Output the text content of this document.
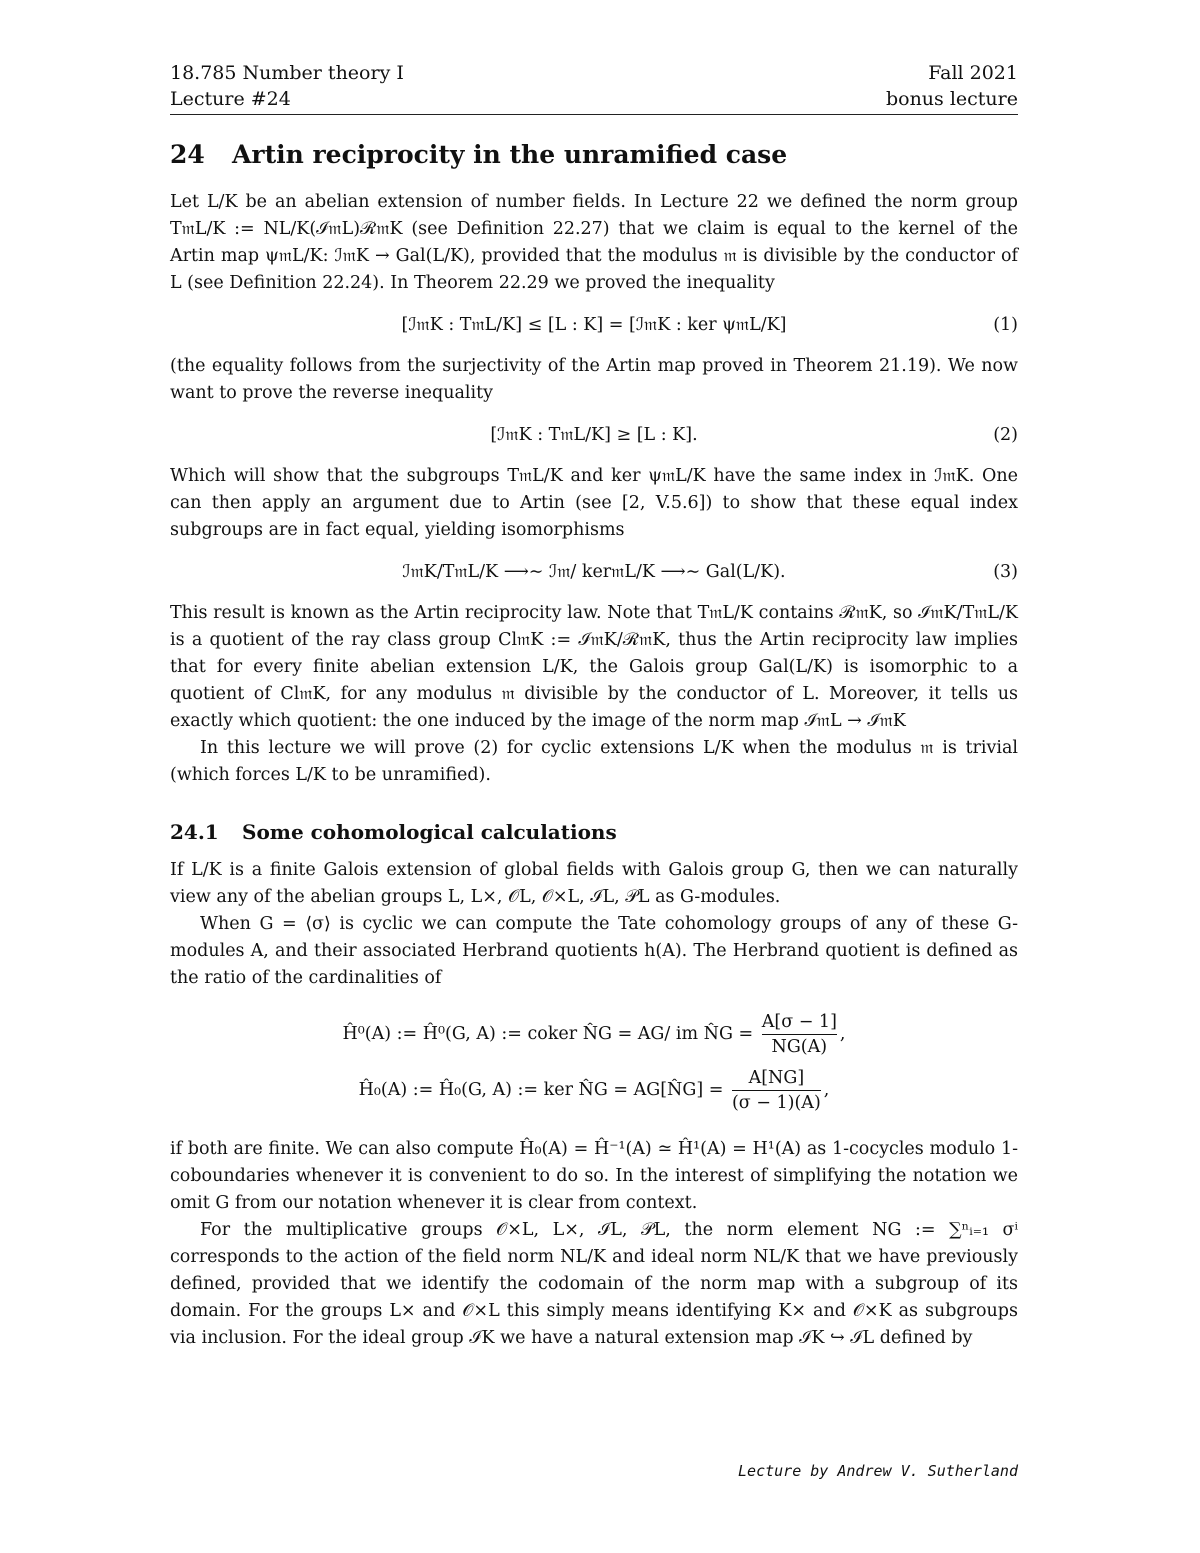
18.785 Number theory I	Fall 2021
Lecture #24	bonus lecture
24 Artin reciprocity in the unramified case

Let L/K be an abelian extension of number fields. In Lecture 22 we defined the norm group T𝔪L/K := NL/K(ℐ𝔪L)ℛ𝔪K (see Definition 22.27) that we claim is equal to the kernel of the Artin map ψ𝔪L/K: ℐ𝔪K → Gal(L/K), provided that the modulus 𝔪 is divisible by the conductor of L (see Definition 22.24). In Theorem 22.29 we proved the inequality

[ℐ𝔪K : T𝔪L/K] ≤ [L : K] = [ℐ𝔪K : ker ψ𝔪L/K]	(1)

(the equality follows from the surjectivity of the Artin map proved in Theorem 21.19). We now want to prove the reverse inequality

[ℐ𝔪K : T𝔪L/K] ≥ [L : K].	(2)

Which will show that the subgroups T𝔪L/K and ker ψ𝔪L/K have the same index in ℐ𝔪K. One can then apply an argument due to Artin (see [2, V.5.6]) to show that these equal index subgroups are in fact equal, yielding isomorphisms

ℐ𝔪K/T𝔪L/K ⟶∼ ℐ𝔪/ ker𝔪L/K ⟶∼ Gal(L/K).	(3)

This result is known as the Artin reciprocity law. Note that T𝔪L/K contains ℛ𝔪K, so ℐ𝔪K/T𝔪L/K is a quotient of the ray class group Cl𝔪K := ℐ𝔪K/ℛ𝔪K, thus the Artin reciprocity law implies that for every finite abelian extension L/K, the Galois group Gal(L/K) is isomorphic to a quotient of Cl𝔪K, for any modulus 𝔪 divisible by the conductor of L. Moreover, it tells us exactly which quotient: the one induced by the image of the norm map ℐ𝔪L → ℐ𝔪K

In this lecture we will prove (2) for cyclic extensions L/K when the modulus 𝔪 is trivial (which forces L/K to be unramified).

24.1 Some cohomological calculations

If L/K is a finite Galois extension of global fields with Galois group G, then we can naturally view any of the abelian groups L, L×, 𝒪L, 𝒪×L, ℐL, 𝒫L as G-modules.

When G = ⟨σ⟩ is cyclic we can compute the Tate cohomology groups of any of these G-modules A, and their associated Herbrand quotients h(A). The Herbrand quotient is defined as the ratio of the cardinalities of

Ĥ⁰(A) := Ĥ⁰(G, A) := coker N̂G = AG/ im N̂G = $\frac{A[\sigma - 1]}{NG(A)}$ ,
Ĥ₀(A) := Ĥ₀(G, A) := ker N̂G = AG[N̂G] = $\frac{A[NG]}{(\sigma - 1)(A)}$ ,

if both are finite. We can also compute Ĥ₀(A) = Ĥ⁻¹(A) ≃ Ĥ¹(A) = H¹(A) as 1-cocycles modulo 1-coboundaries whenever it is convenient to do so. In the interest of simplifying the notation we omit G from our notation whenever it is clear from context.

For the multiplicative groups 𝒪×L, L×, ℐL, 𝒫L, the norm element NG := ∑ⁿᵢ₌₁ σⁱ corresponds to the action of the field norm NL/K and ideal norm NL/K that we have previously defined, provided that we identify the codomain of the norm map with a subgroup of its domain. For the groups L× and 𝒪×L this simply means identifying K× and 𝒪×K as subgroups via inclusion. For the ideal group ℐK we have a natural extension map ℐK ↪ ℐL defined by

Lecture by Andrew V. Sutherland
